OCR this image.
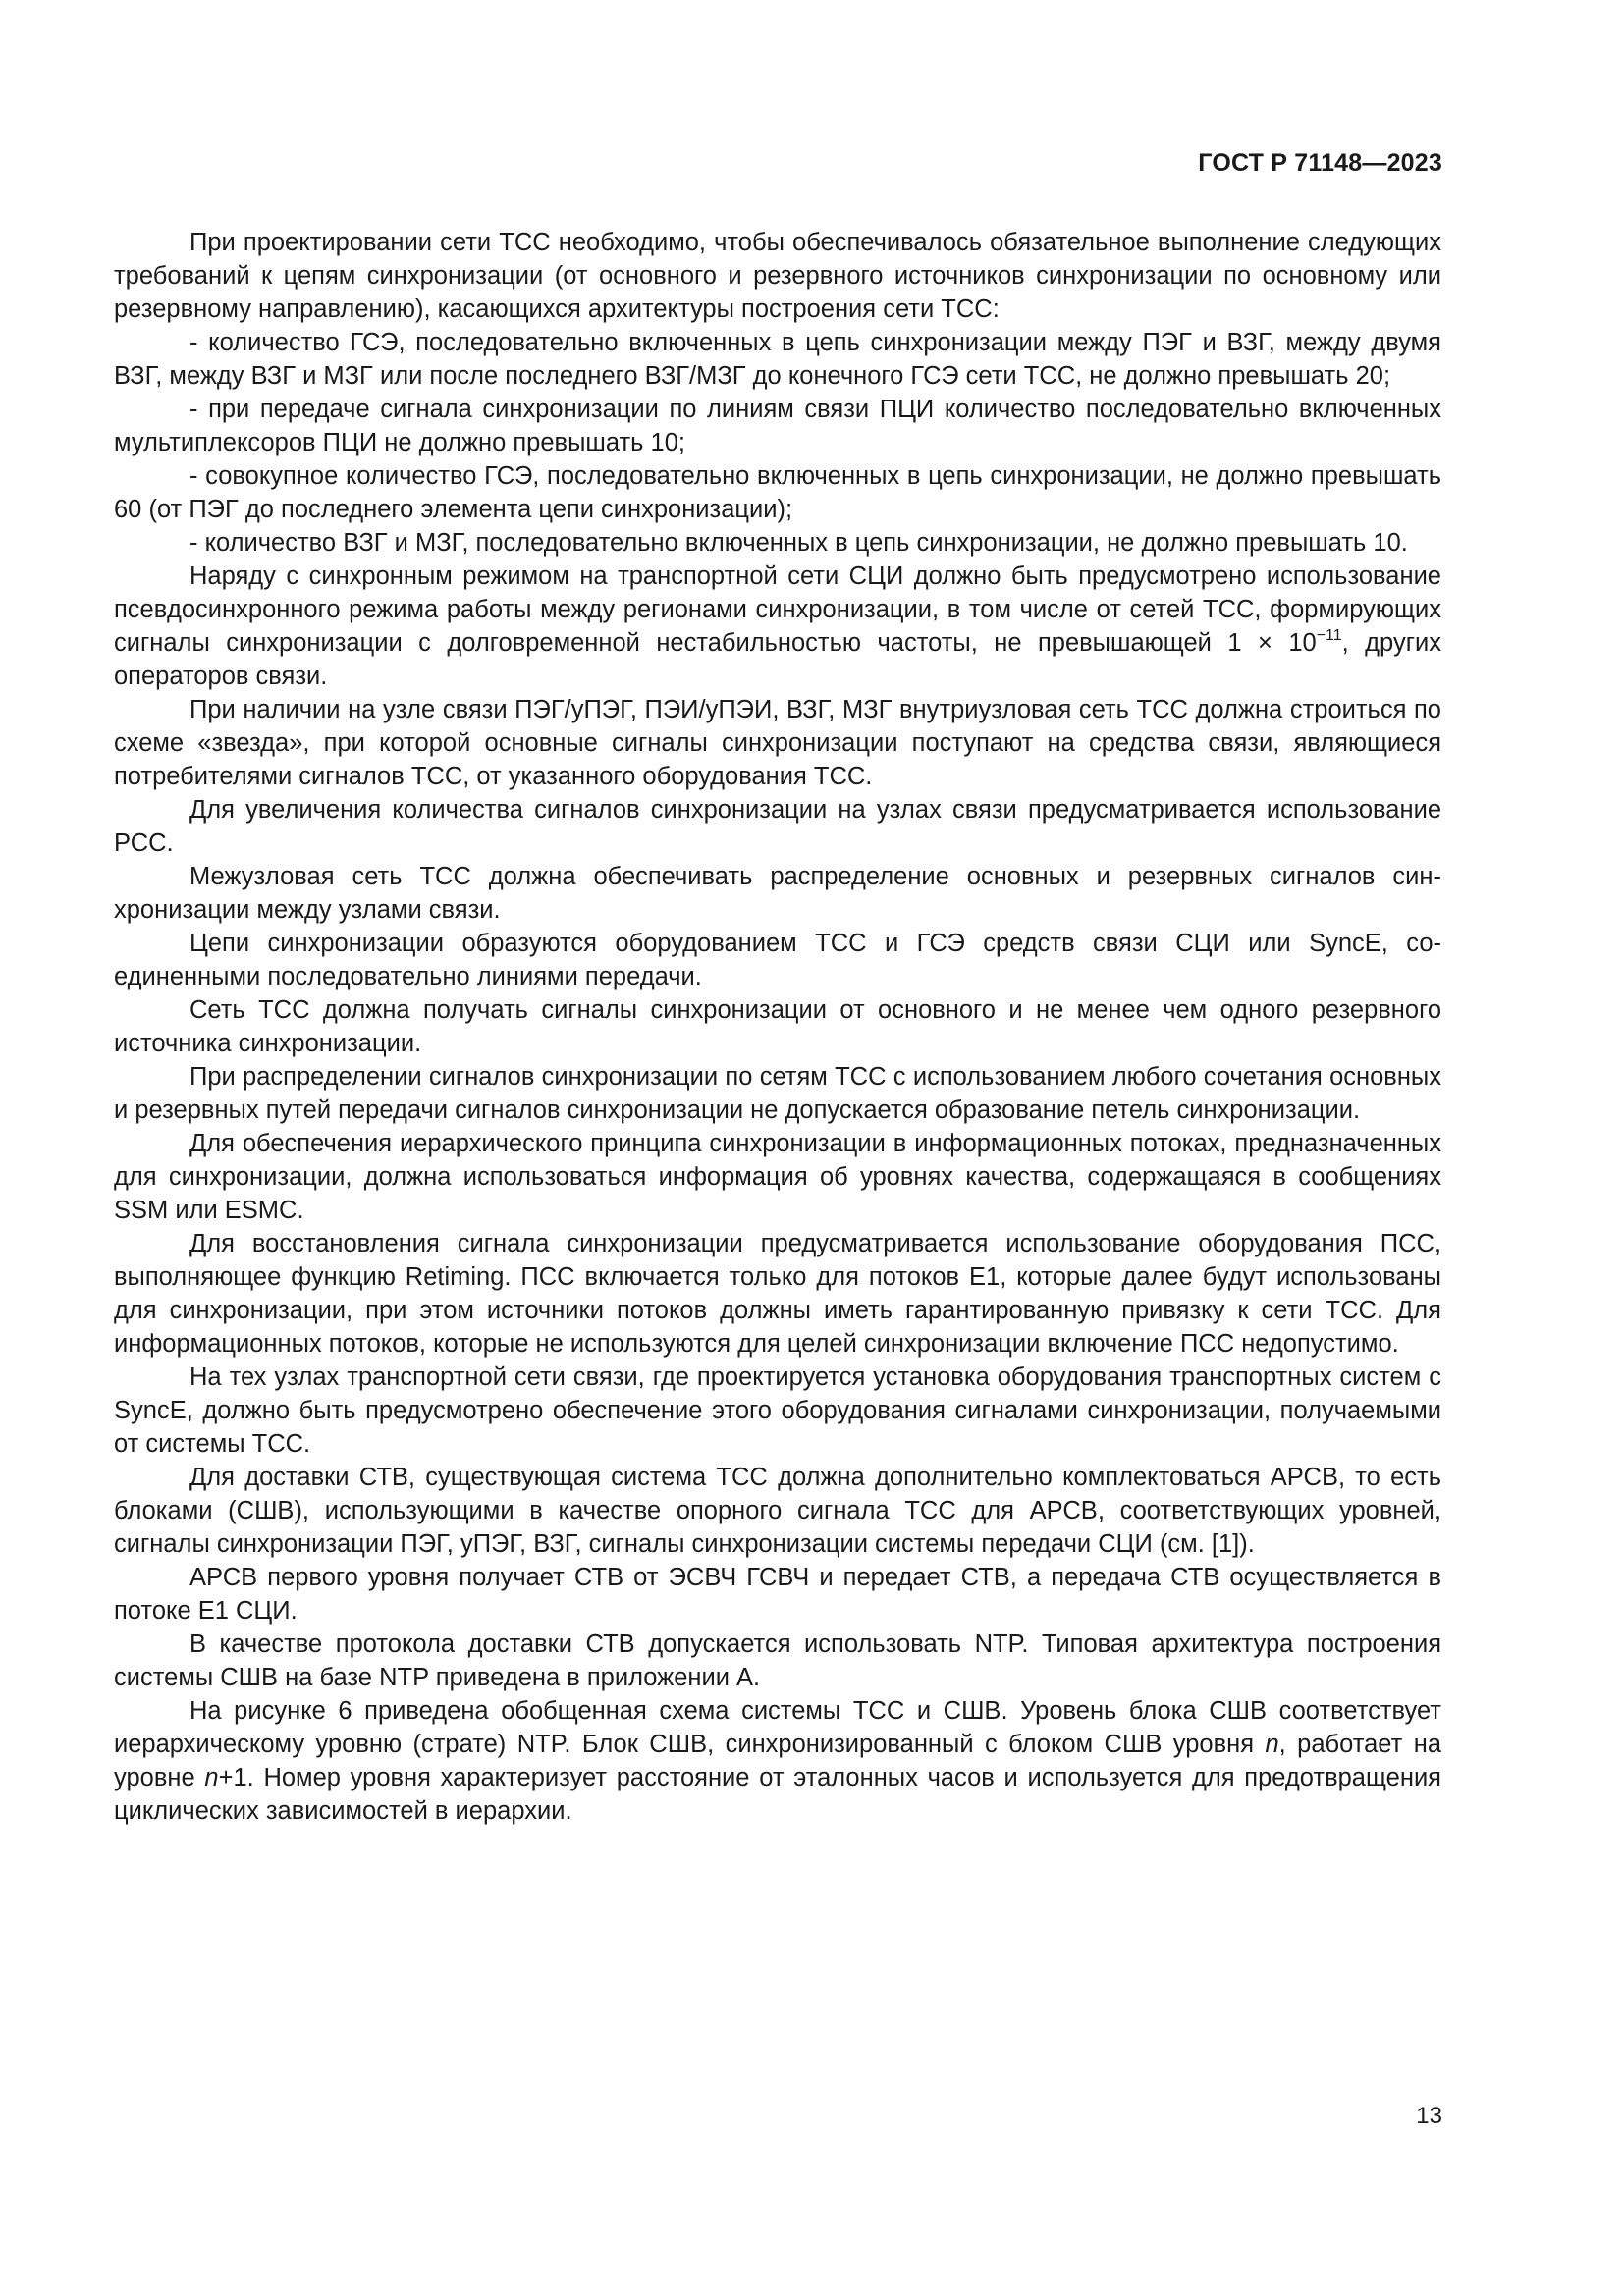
ГОСТ Р 71148—2023

При проектировании сети ТСС необходимо, чтобы обеспечивалось обязательное выполнение следующих требований к цепям синхронизации (от основного и резервного источников синхронизации по основному или резервному направлению), касающихся архитектуры построения сети ТСС:

- количество ГСЭ, последовательно включенных в цепь синхронизации между ПЭГ и ВЗГ, между двумя ВЗГ, между ВЗГ и МЗГ или после последнего ВЗГ/МЗГ до конечного ГСЭ сети ТСС, не должно превышать 20;

- при передаче сигнала синхронизации по линиям связи ПЦИ количество последовательно включенных мультиплексоров ПЦИ не должно превышать 10;

- совокупное количество ГСЭ, последовательно включенных в цепь синхронизации, не должно превышать 60 (от ПЭГ до последнего элемента цепи синхронизации);

- количество ВЗГ и МЗГ, последовательно включенных в цепь синхронизации, не должно превышать 10.

Наряду с синхронным режимом на транспортной сети СЦИ должно быть предусмотрено использование псевдосинхронного режима работы между регионами синхронизации, в том числе от сетей ТСС, формирующих сигналы синхронизации с долговременной нестабильностью частоты, не превышающей $1 \times 10^{-11}$, других операторов связи.

При наличии на узле связи ПЭГ/уПЭГ, ПЭИ/уПЭИ, ВЗГ, МЗГ внутриузловая сеть ТСС должна строиться по схеме «звезда», при которой основные сигналы синхронизации поступают на средства связи, являющиеся потребителями сигналов ТСС, от указанного оборудования ТСС.

Для увеличения количества сигналов синхронизации на узлах связи предусматривается использование РСС.

Межузловая сеть ТСС должна обеспечивать распределение основных и резервных сигналов синхронизации между узлами связи.

Цепи синхронизации образуются оборудованием ТСС и ГСЭ средств связи СЦИ или SyncE, соединенными последовательно линиями передачи.

Сеть ТСС должна получать сигналы синхронизации от основного и не менее чем одного резервного источника синхронизации.

При распределении сигналов синхронизации по сетям ТСС с использованием любого сочетания основных и резервных путей передачи сигналов синхронизации не допускается образование петель синхронизации.

Для обеспечения иерархического принципа синхронизации в информационных потоках, предназначенных для синхронизации, должна использоваться информация об уровнях качества, содержащаяся в сообщениях SSM или ESMC.

Для восстановления сигнала синхронизации предусматривается использование оборудования ПСС, выполняющее функцию Retiming. ПСС включается только для потоков Е1, которые далее будут использованы для синхронизации, при этом источники потоков должны иметь гарантированную привязку к сети ТСС. Для информационных потоков, которые не используются для целей синхронизации включение ПСС недопустимо.

На тех узлах транспортной сети связи, где проектируется установка оборудования транспортных систем с SyncE, должно быть предусмотрено обеспечение этого оборудования сигналами синхронизации, получаемыми от системы ТСС.

Для доставки СТВ, существующая система ТСС должна дополнительно комплектоваться АРСВ, то есть блоками (СШВ), использующими в качестве опорного сигнала ТСС для АРСВ, соответствующих уровней, сигналы синхронизации ПЭГ, уПЭГ, ВЗГ, сигналы синхронизации системы передачи СЦИ (см. [1]).

АРСВ первого уровня получает СТВ от ЭСВЧ ГСВЧ и передает СТВ, а передача СТВ осуществляется в потоке Е1 СЦИ.

В качестве протокола доставки СТВ допускается использовать NTP. Типовая архитектура построения системы СШВ на базе NTP приведена в приложении А.

На рисунке 6 приведена обобщенная схема системы ТСС и СШВ. Уровень блока СШВ соответствует иерархическому уровню (страте) NTP. Блок СШВ, синхронизированный с блоком СШВ уровня n, работает на уровне n+1. Номер уровня характеризует расстояние от эталонных часов и используется для предотвращения циклических зависимостей в иерархии.

13
